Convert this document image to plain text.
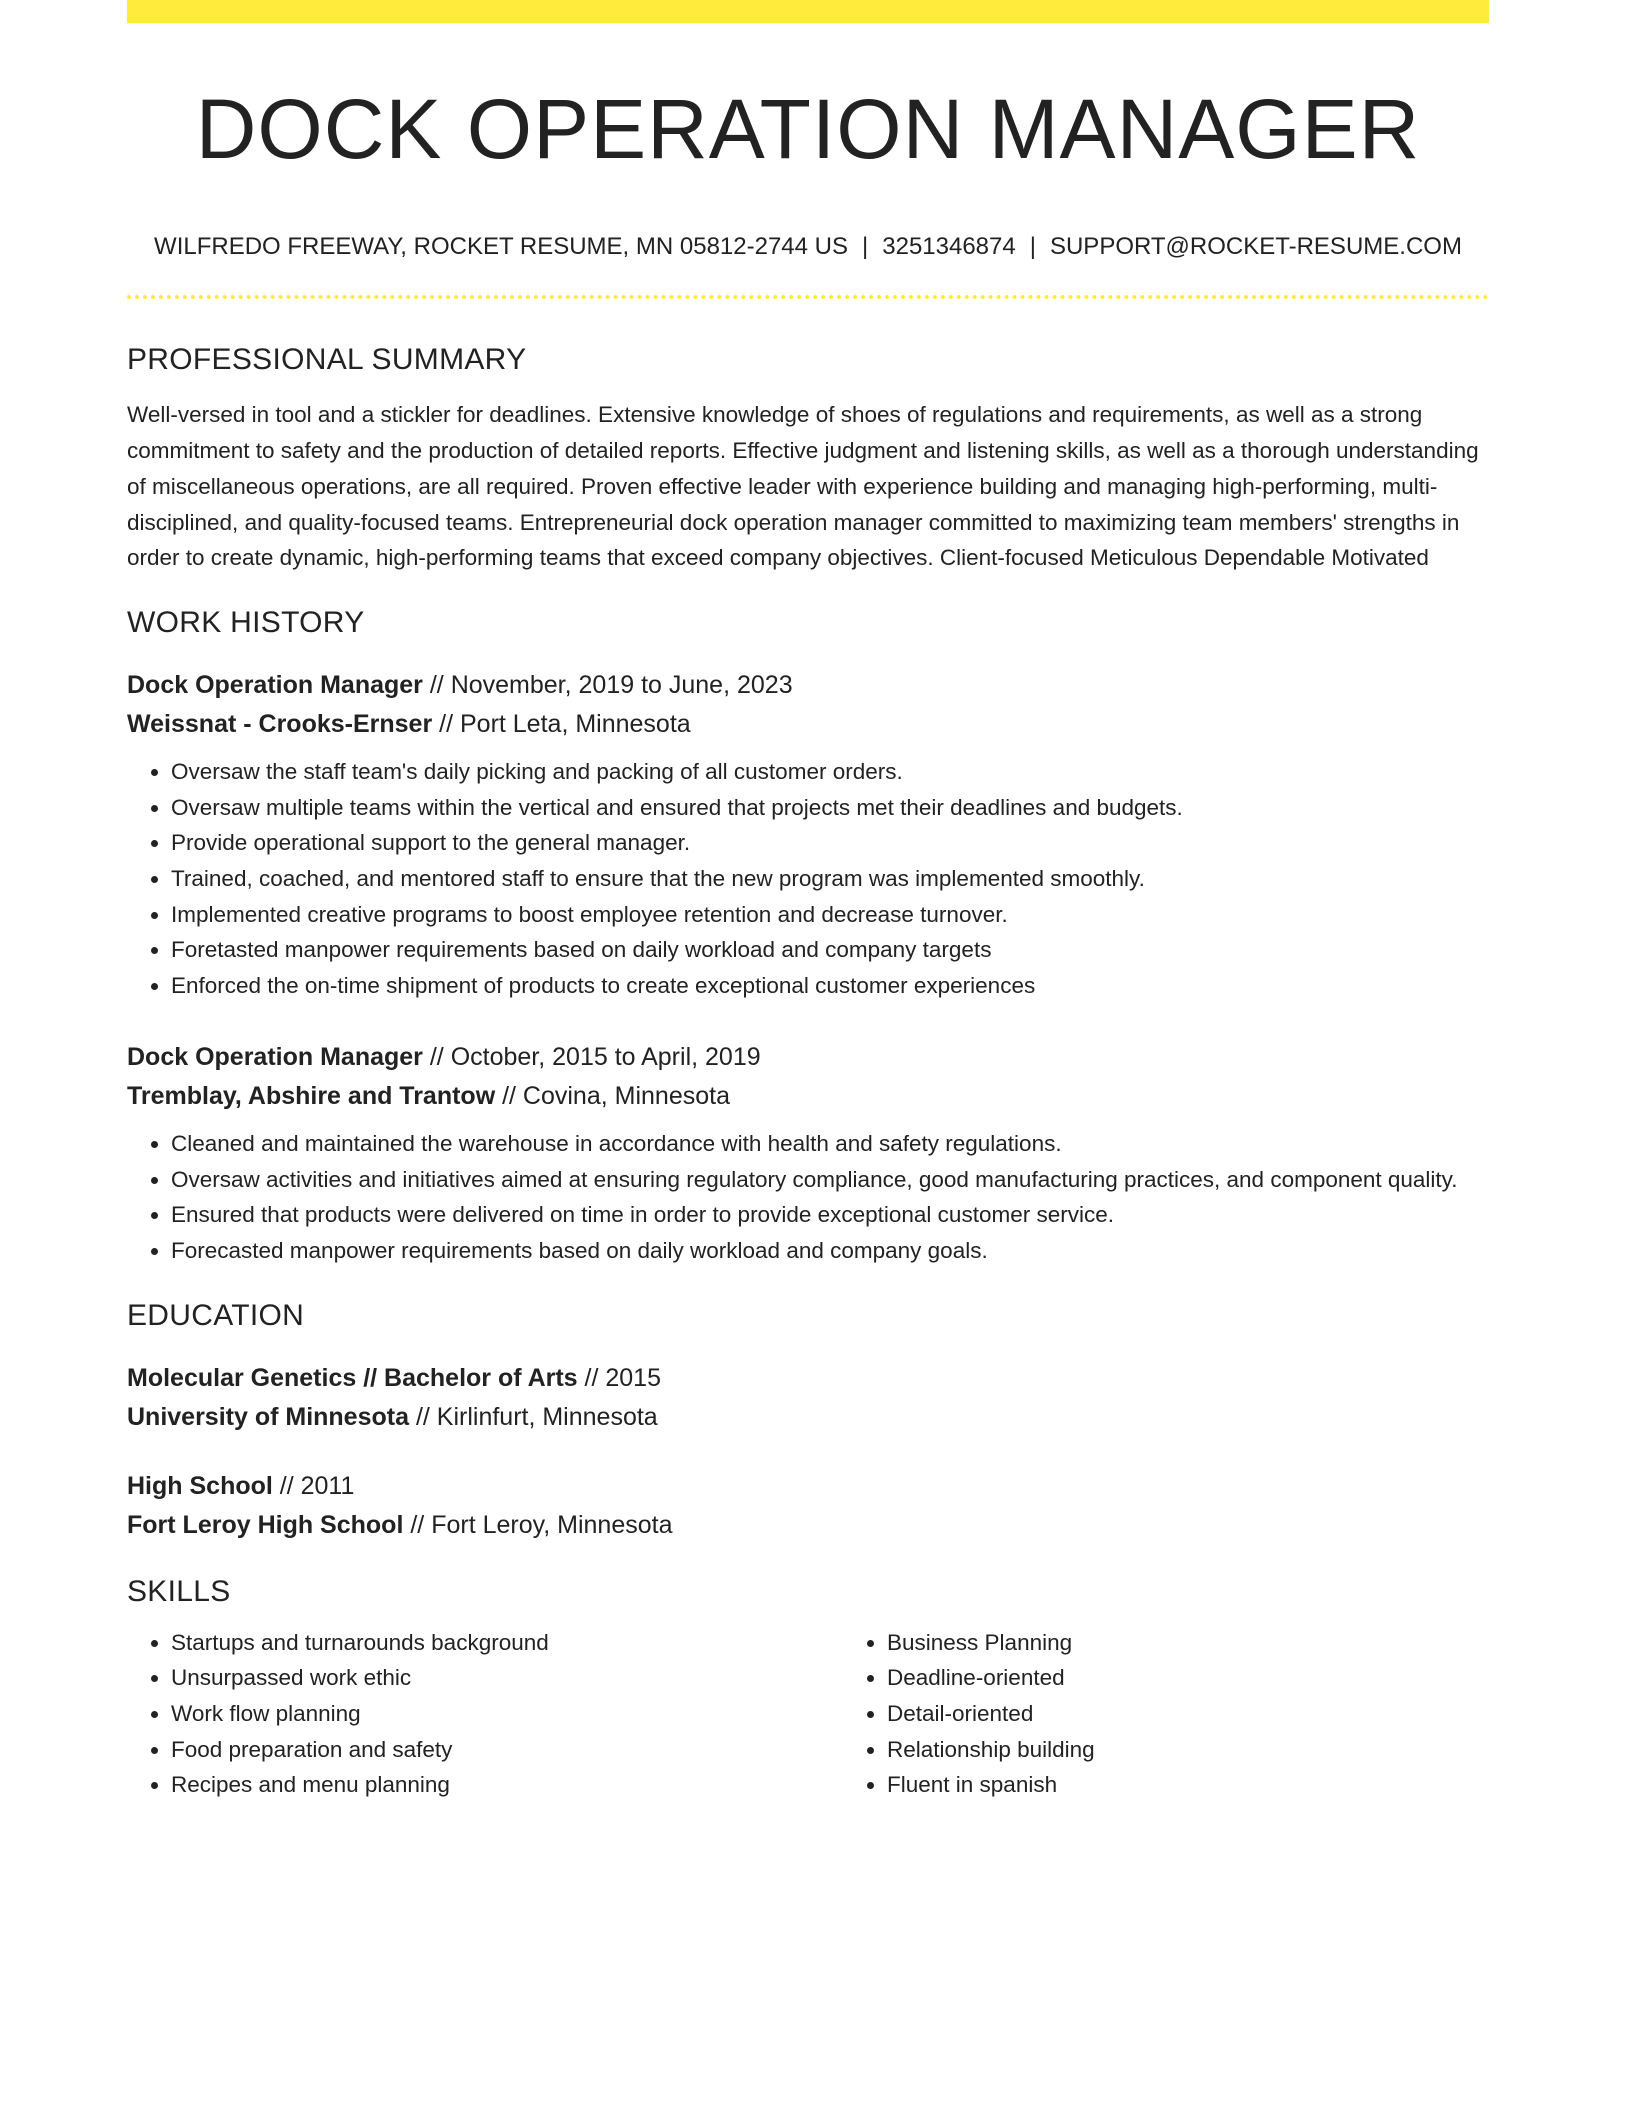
DOCK OPERATION MANAGER
WILFREDO FREEWAY, ROCKET RESUME, MN 05812-2744 US | 3251346874 | SUPPORT@ROCKET-RESUME.COM
PROFESSIONAL SUMMARY
Well-versed in tool and a stickler for deadlines. Extensive knowledge of shoes of regulations and requirements, as well as a strong commitment to safety and the production of detailed reports. Effective judgment and listening skills, as well as a thorough understanding of miscellaneous operations, are all required. Proven effective leader with experience building and managing high-performing, multi-disciplined, and quality-focused teams. Entrepreneurial dock operation manager committed to maximizing team members' strengths in order to create dynamic, high-performing teams that exceed company objectives. Client-focused Meticulous Dependable Motivated
WORK HISTORY
Dock Operation Manager // November, 2019 to June, 2023
Weissnat - Crooks-Ernser // Port Leta, Minnesota
• Oversaw the staff team's daily picking and packing of all customer orders.
• Oversaw multiple teams within the vertical and ensured that projects met their deadlines and budgets.
• Provide operational support to the general manager.
• Trained, coached, and mentored staff to ensure that the new program was implemented smoothly.
• Implemented creative programs to boost employee retention and decrease turnover.
• Foretasted manpower requirements based on daily workload and company targets
• Enforced the on-time shipment of products to create exceptional customer experiences
Dock Operation Manager // October, 2015 to April, 2019
Tremblay, Abshire and Trantow // Covina, Minnesota
• Cleaned and maintained the warehouse in accordance with health and safety regulations.
• Oversaw activities and initiatives aimed at ensuring regulatory compliance, good manufacturing practices, and component quality.
• Ensured that products were delivered on time in order to provide exceptional customer service.
• Forecasted manpower requirements based on daily workload and company goals.
EDUCATION
Molecular Genetics // Bachelor of Arts // 2015
University of Minnesota // Kirlinfurt, Minnesota
High School // 2011
Fort Leroy High School // Fort Leroy, Minnesota
SKILLS
• Startups and turnarounds background
• Unsurpassed work ethic
• Work flow planning
• Food preparation and safety
• Recipes and menu planning
• Business Planning
• Deadline-oriented
• Detail-oriented
• Relationship building
• Fluent in spanish
